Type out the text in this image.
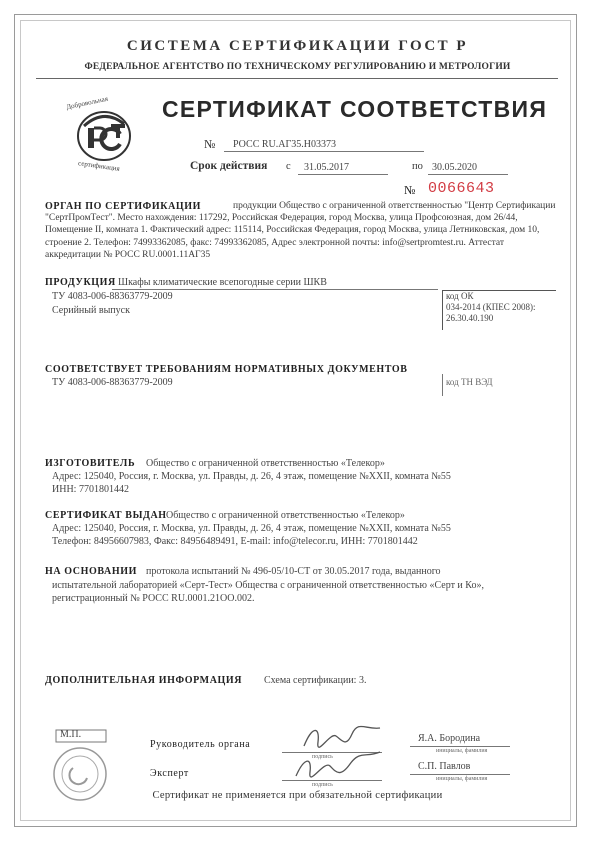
СИСТЕМА СЕРТИФИКАЦИИ ГОСТ Р
ФЕДЕРАЛЬНОЕ АГЕНТСТВО ПО ТЕХНИЧЕСКОМУ РЕГУЛИРОВАНИЮ И МЕТРОЛОГИИ
Добровольная
сертификация
СЕРТИФИКАТ СООТВЕТСТВИЯ
№ РОСС RU.АГ35.Н03373
Срок действия с 31.05.2017	по 30.05.2020
№ 0066643
ОРГАН ПО СЕРТИФИКАЦИИ	продукции Общество с ограниченной ответственностью "Центр Сертификации "СертПромТест". Место нахождения: 117292, Российская Федерация, город Москва, улица Профсоюзная, дом 26/44, Помещение II, комната 1. Фактический адрес: 115114, Российская Федерация, город Москва, улица Летниковская, дом 10, строение 2. Телефон: 74993362085, факс: 74993362085, Адрес электронной почты: info@sertpromtest.ru. Аттестат аккредитации № РОСС RU.0001.11АГ35
ПРОДУКЦИЯ Шкафы климатические всепогодные серии ШКВ
ТУ 4083-006-88363779-2009
Серийный выпуск
код ОК
034-2014 (КПЕС 2008):
26.30.40.190
СООТВЕТСТВУЕТ ТРЕБОВАНИЯМ НОРМАТИВНЫХ ДОКУМЕНТОВ
ТУ 4083-006-88363779-2009	код ТН ВЭД
ИЗГОТОВИТЕЛЬ Общество с ограниченной ответственностью «Телекор»
Адрес: 125040, Россия, г. Москва, ул. Правды, д. 26, 4 этаж, помещение №XXII, комната №55
ИНН: 7701801442
СЕРТИФИКАТ ВЫДАН Общество с ограниченной ответственностью «Телекор»
Адрес: 125040, Россия, г. Москва, ул. Правды, д. 26, 4 этаж, помещение №XXII, комната №55
Телефон: 84956607983, Факс: 84956489491, E-mail: info@telecor.ru, ИНН: 7701801442
НА ОСНОВАНИИ протокола испытаний № 496-05/10-СТ от 30.05.2017 года, выданного
испытательной лабораторией «Серт-Тест» Общества с ограниченной ответственностью «Серт и Ко»,
регистрационный № РОСС RU.0001.21ОО.002.
ДОПОЛНИТЕЛЬНАЯ ИНФОРМАЦИЯ Схема сертификации: 3.
М.П.
Руководитель органа
подпись
Я.А. Бородина
инициалы, фамилия
Эксперт
подпись
С.П. Павлов
инициалы, фамилия
Сертификат не применяется при обязательной сертификации
